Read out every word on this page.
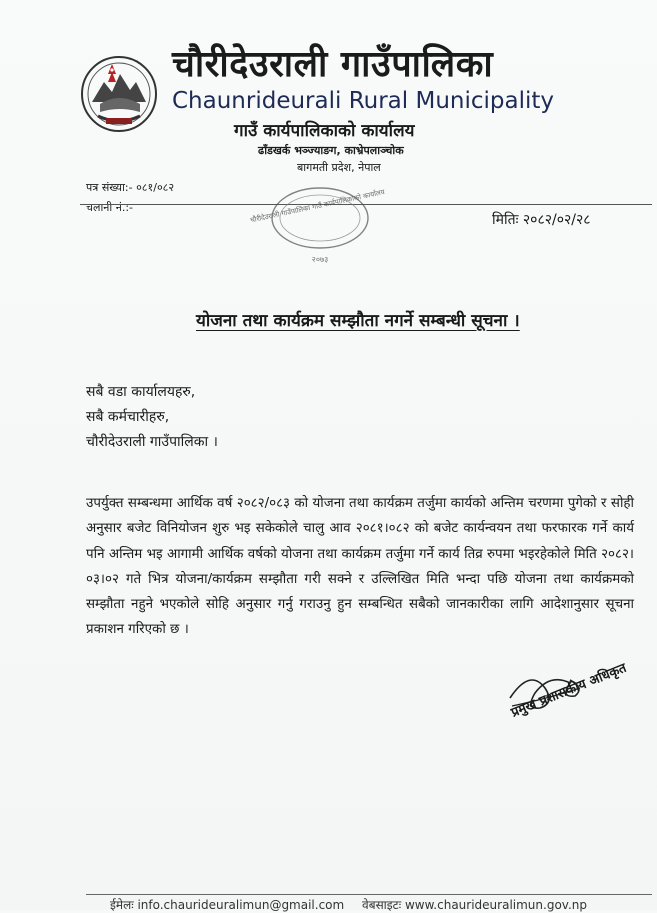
चौरीदेउराली गाउँपालिका
Chaunrideurali Rural Municipality
गाउँ कार्यपालिकाको कार्यालय
ढाँडखर्क भञ्ज्याङग, काभ्रेपलाञ्चोक
बागमती प्रदेश, नेपाल
पत्र संख्या:- ०८१/०८२
चलानी नं.:-	चौरीदेउराली गाउँपालिका गाउँ कार्यपालिकाको कार्यालय
२०७३
मितिः २०८२/०२/२८
योजना तथा कार्यक्रम सम्झौता नगर्ने सम्बन्धी सूचना ।
सबै वडा कार्यालयहरु,
सबै कर्मचारीहरु,
चौरीदेउराली गाउँपालिका ।
उपर्युक्त सम्बन्धमा आर्थिक वर्ष २०८२/०८३ को योजना तथा कार्यक्रम तर्जुमा कार्यको अन्तिम चरणमा पुगेको र सोही अनुसार बजेट विनियोजन शुरु भइ सकेकोले चालु आव २०८१।०८२ को बजेट कार्यन्वयन तथा फरफारक गर्ने कार्य पनि अन्तिम भइ आगामी आर्थिक वर्षको योजना तथा कार्यक्रम तर्जुमा गर्ने कार्य तिव्र रुपमा भइरहेकोले मिति २०८२।०३।०२ गते भित्र योजना/कार्यक्रम सम्झौता गरी सक्ने र उल्लिखित मिति भन्दा पछि योजना तथा कार्यक्रमको सम्झौता नहुने भएकोले सोहि अनुसार गर्नु गराउनु हुन सम्बन्धित सबैको जानकारीका लागि आदेशानुसार सूचना प्रकाशन गरिएको छ ।
प्रमुख प्रशासकीय अधिकृत
ईमेलः info.chaurideuralimun@gmail.com वेबसाइटः www.chaurideuralimun.gov.np
